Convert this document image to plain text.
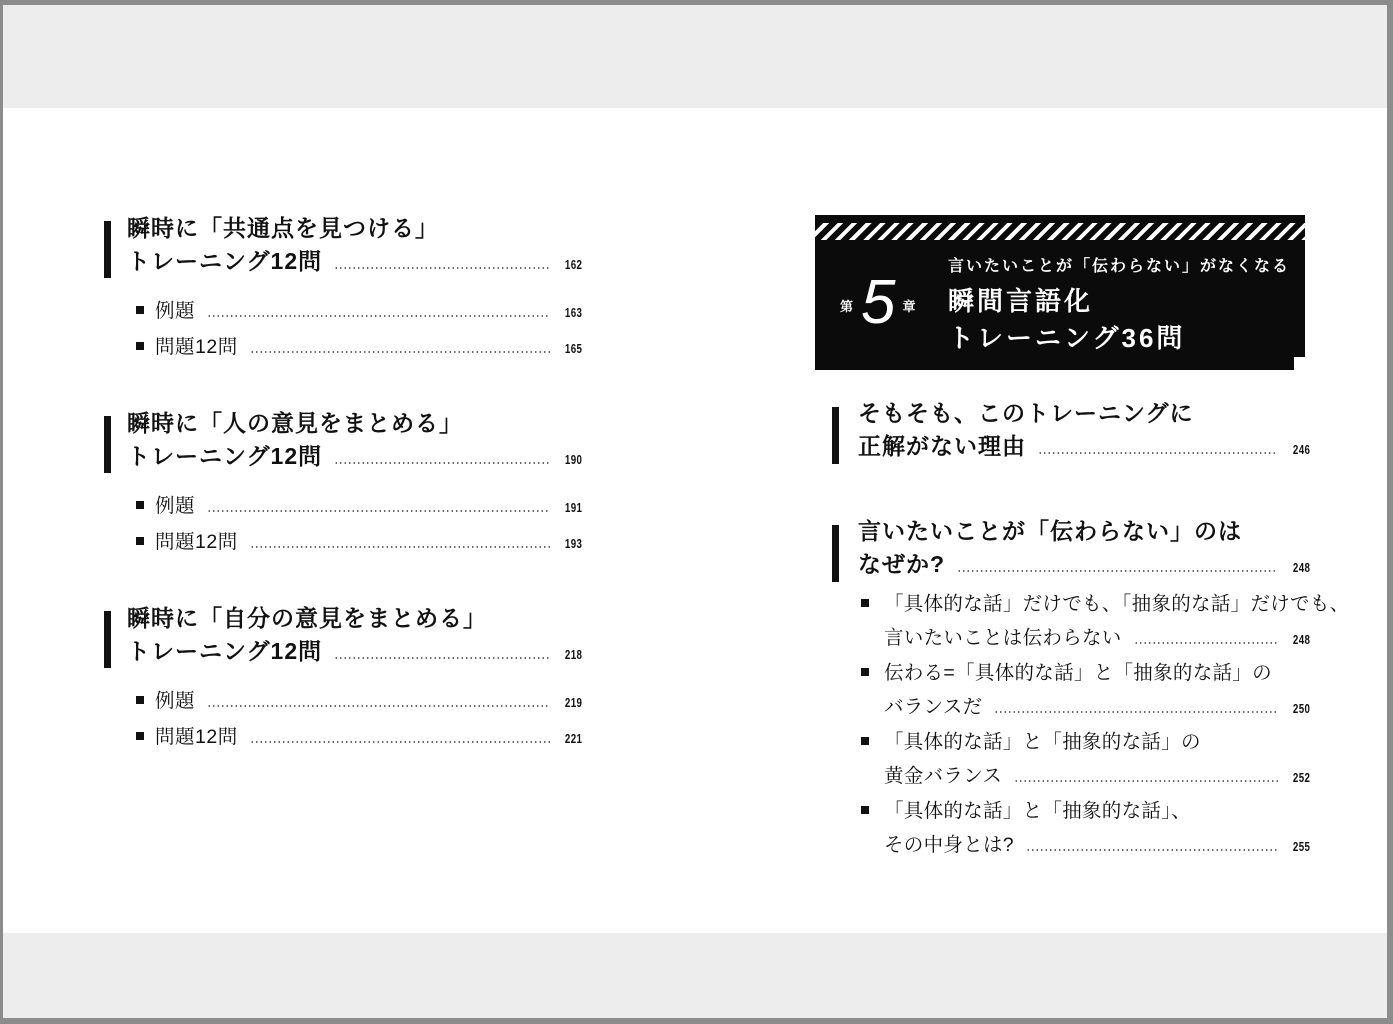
瞬時に「共通点を見つける」
トレーニング12問	162
例題	163
問題12問	165
瞬時に「人の意見をまとめる」
トレーニング12問	190
例題	191
問題12問	193
瞬時に「自分の意見をまとめる」
トレーニング12問	218
例題	219
問題12問	221
第 5 章
言いたいことが「伝わらない」がなくなる
瞬間言語化
トレーニング36問
そもそも、このトレーニングに
正解がない理由	246
言いたいことが「伝わらない」のは
なぜか?	248
「具体的な話」だけでも、「抽象的な話」だけでも、
言いたいことは伝わらない	248
伝わる=「具体的な話」と「抽象的な話」の
バランスだ	250
「具体的な話」と「抽象的な話」の
黄金バランス	252
「具体的な話」と「抽象的な話」、
その中身とは?	255
